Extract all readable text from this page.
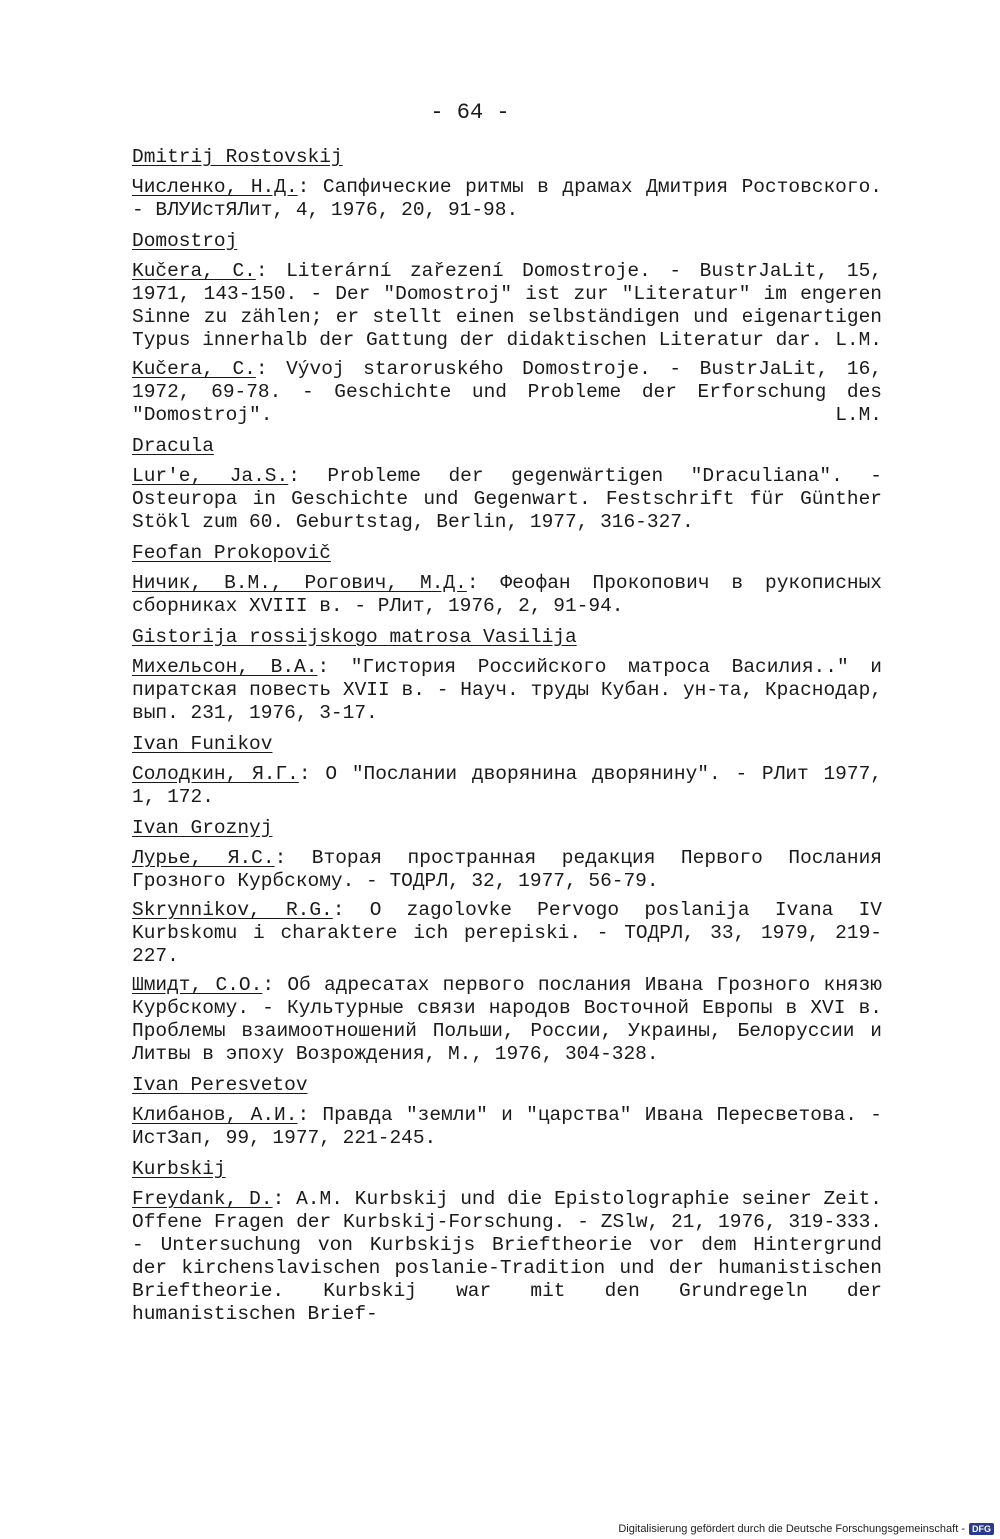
- 64 -
Dmitrij Rostovskij
Численко, Н.Д.: Сапфические ритмы в драмах Дмитрия Ростовского. - ВЛУИстЯЛит, 4, 1976, 20, 91-98.
Domostroj
Kučera, C.: Literární zařezení Domostroje. - BustrJaLit, 15, 1971, 143-150. - Der "Domostroj" ist zur "Literatur" im engeren Sinne zu zählen; er stellt einen selbständigen und eigenartigen Typus innerhalb der Gattung der didaktischen Literatur dar. L.M.
Kučera, C.: Vývoj staroruského Domostroje. - BustrJaLit, 16, 1972, 69-78. - Geschichte und Probleme der Erforschung des "Domostroj".	L.M.
Dracula
Lur'e, Ja.S.: Probleme der gegenwärtigen "Draculiana". - Osteuropa in Geschichte und Gegenwart. Festschrift für Günther Stökl zum 60. Geburtstag, Berlin, 1977, 316-327.
Feofan Prokopovič
Ничик, В.М., Рогович, М.Д.: Феофан Прокопович в рукописных сборниках XVIII в. - РЛит, 1976, 2, 91-94.
Gistorija rossijskogo matrosa Vasilija
Михельсон, В.А.: "Гистория Российского матроса Василия.." и пиратская повесть XVII в. - Науч. труды Кубан. ун-та, Краснодар, вып. 231, 1976, 3-17.
Ivan Funikov
Солодкин, Я.Г.: О "Послании дворянина дворянину". - РЛит 1977, 1, 172.
Ivan Groznyj
Лурье, Я.С.: Вторая пространная редакция Первого Послания Грозного Курбскому. - ТОДРЛ, 32, 1977, 56-79.
Skrynnikov, R.G.: O zagolovke Pervogo poslanija Ivana IV Kurbskomu i charaktere ich perepiski. - ТОДРЛ, 33, 1979, 219-227.
Шмидт, С.О.: Об адресатах первого послания Ивана Грозного князю Курбскому. - Культурные связи народов Восточной Европы в XVI в. Проблемы взаимоотношений Польши, России, Украины, Белоруссии и Литвы в эпоху Возрождения, М., 1976, 304-328.
Ivan Peresvetov
Клибанов, А.И.: Правда "земли" и "царства" Ивана Пересветова. - ИстЗап, 99, 1977, 221-245.
Kurbskij
Freydank, D.: A.M. Kurbskij und die Epistolographie seiner Zeit. Offene Fragen der Kurbskij-Forschung. - ZSlw, 21, 1976, 319-333. - Untersuchung von Kurbskijs Brieftheorie vor dem Hintergrund der kirchenslavischen poslanie-Tradition und der humanistischen Brieftheorie. Kurbskij war mit den Grundregeln der humanistischen Brief-
Digitalisierung gefördert durch die Deutsche Forschungsgemeinschaft - DFG
